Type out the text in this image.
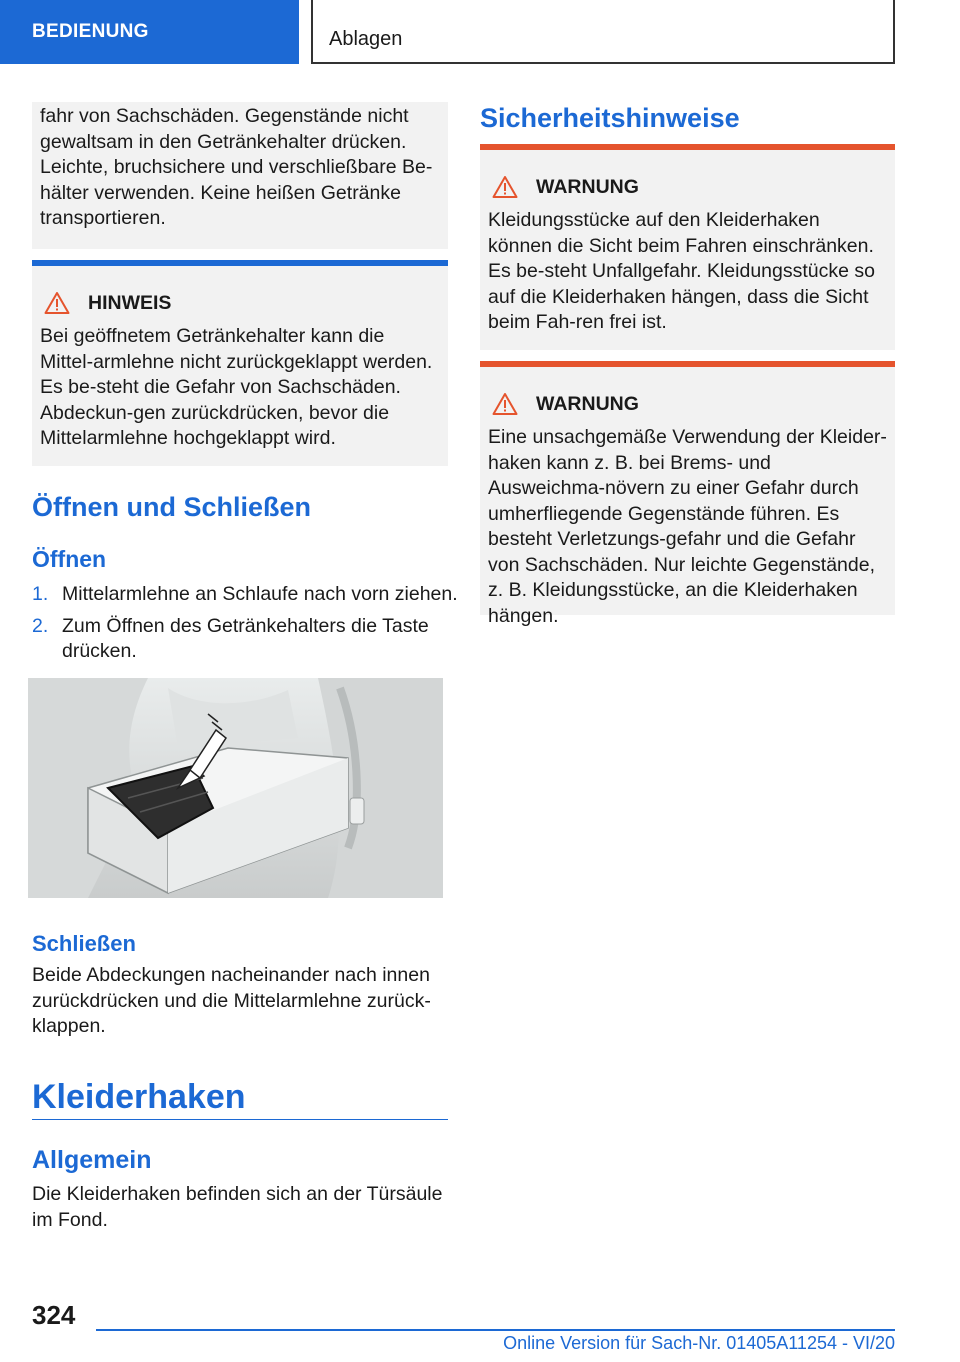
BEDIENUNG	Ablagen

fahr von Sachschäden. Gegenstände nicht gewaltsam in den Getränkehalter drücken. Leichte, bruchsichere und verschließbare Be‐hälter verwenden. Keine heißen Getränke transportieren.

HINWEIS

Bei geöffnetem Getränkehalter kann die Mittel‐armlehne nicht zurückgeklappt werden. Es be‐steht die Gefahr von Sachschäden. Abdeckun‐gen zurückdrücken, bevor die Mittelarmlehne hochgeklappt wird.

Öffnen und Schließen
Öffnen
1. Mittelarmlehne an Schlaufe nach vorn ziehen.
2. Zum Öffnen des Getränkehalters die Taste drücken.
Schließen

Beide Abdeckungen nacheinander nach innen zurückdrücken und die Mittelarmlehne zurück‐klappen.

Kleiderhaken
Allgemein

Die Kleiderhaken befinden sich an der Türsäule im Fond.

Sicherheitshinweise
WARNUNG

Kleidungsstücke auf den Kleiderhaken können die Sicht beim Fahren einschränken. Es be‐steht Unfallgefahr. Kleidungsstücke so auf die Kleiderhaken hängen, dass die Sicht beim Fah‐ren frei ist.

WARNUNG

Eine unsachgemäße Verwendung der Kleider‐haken kann z. B. bei Brems- und Ausweichma‐növern zu einer Gefahr durch umherfliegende Gegenstände führen. Es besteht Verletzungs‐gefahr und die Gefahr von Sachschäden. Nur leichte Gegenstände, z. B. Kleidungsstücke, an die Kleiderhaken hängen.

324
Online Version für Sach-Nr. 01405A11254 - VI/20
